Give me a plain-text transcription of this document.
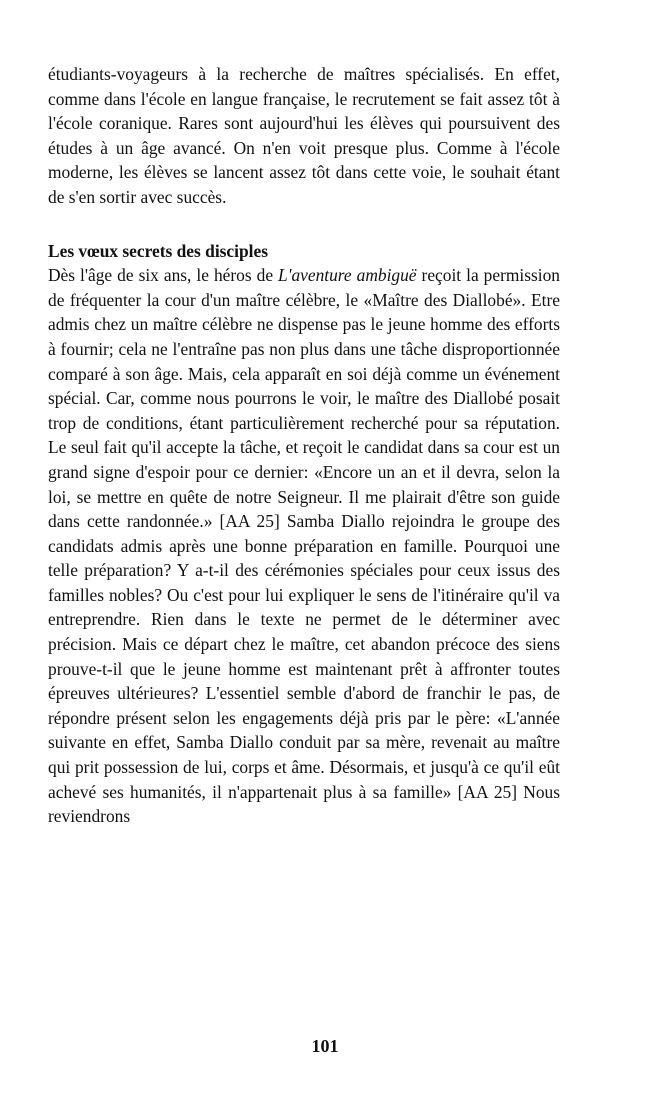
étudiants-voyageurs à la recherche de maîtres spécialisés. En effet, comme dans l'école en langue française, le recrutement se fait assez tôt à l'école coranique. Rares sont aujourd'hui les élèves qui poursuivent des études à un âge avancé. On n'en voit presque plus. Comme à l'école moderne, les élèves se lancent assez tôt dans cette voie, le souhait étant de s'en sortir avec succès.

Les vœux secrets des disciples

Dès l'âge de six ans, le héros de L'aventure ambiguë reçoit la permission de fréquenter la cour d'un maître célèbre, le «Maître des Diallobé». Etre admis chez un maître célèbre ne dispense pas le jeune homme des efforts à fournir; cela ne l'entraîne pas non plus dans une tâche disproportionnée comparé à son âge. Mais, cela apparaît en soi déjà comme un événement spécial. Car, comme nous pourrons le voir, le maître des Diallobé posait trop de conditions, étant particulièrement recherché pour sa réputation. Le seul fait qu'il accepte la tâche, et reçoit le candidat dans sa cour est un grand signe d'espoir pour ce dernier: «Encore un an et il devra, selon la loi, se mettre en quête de notre Seigneur. Il me plairait d'être son guide dans cette randonnée.» [AA 25] Samba Diallo rejoindra le groupe des candidats admis après une bonne préparation en famille. Pourquoi une telle préparation? Y a-t-il des cérémonies spéciales pour ceux issus des familles nobles? Ou c'est pour lui expliquer le sens de l'itinéraire qu'il va entreprendre. Rien dans le texte ne permet de le déterminer avec précision. Mais ce départ chez le maître, cet abandon précoce des siens prouve-t-il que le jeune homme est maintenant prêt à affronter toutes épreuves ultérieures? L'essentiel semble d'abord de franchir le pas, de répondre présent selon les engagements déjà pris par le père: «L'année suivante en effet, Samba Diallo conduit par sa mère, revenait au maître qui prit possession de lui, corps et âme. Désormais, et jusqu'à ce qu'il eût achevé ses humanités, il n'appartenait plus à sa famille» [AA 25] Nous reviendrons

101
